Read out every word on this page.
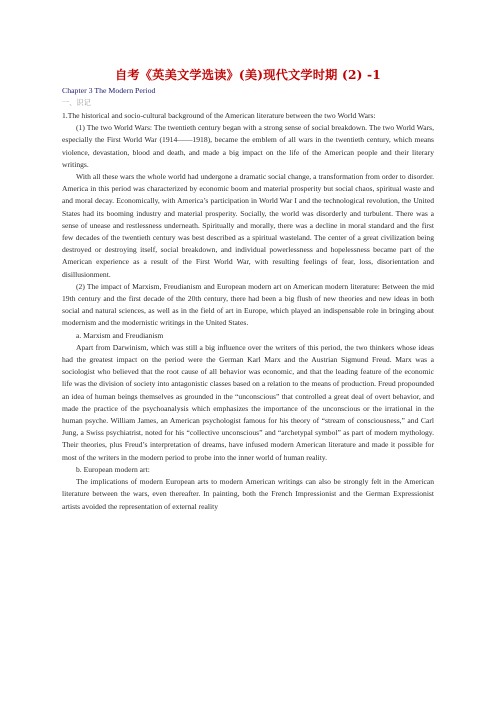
自考《英美文学选读》(美)现代文学时期 (2) -1
Chapter 3 The Modern Period
一、识记

1.The historical and socio-cultural background of the American literature between the two World Wars:

(1) The two World Wars: The twentieth century began with a strong sense of social breakdown. The two World Wars, especially the First World War (1914——1918), became the emblem of all wars in the twentieth century, which means violence, devastation, blood and death, and made a big impact on the life of the American people and their literary writings.

With all these wars the whole world had undergone a dramatic social change, a transformation from order to disorder. America in this period was characterized by economic boom and material prosperity but social chaos, spiritual waste and and moral decay. Economically, with America’s participation in World War I and the technological revolution, the United States had its booming industry and material prosperity. Socially, the world was disorderly and turbulent. There was a sense of unease and restlessness underneath. Spiritually and morally, there was a decline in moral standard and the first few decades of the twentieth century was best described as a spiritual wasteland. The center of a great civilization being destroyed or destroying itself, social breakdown, and individual powerlessness and hopelessness became part of the American experience as a result of the First World War, with resulting feelings of fear, loss, disorientation and disillusionment.

(2) The impact of Marxism, Freudianism and European modern art on American modern literature: Between the mid 19th century and the first decade of the 20th century, there had been a big flush of new theories and new ideas in both social and natural sciences, as well as in the field of art in Europe, which played an indispensable role in bringing about modernism and the modernistic writings in the United States.

a. Marxism and Freudianism

Apart from Darwinism, which was still a big influence over the writers of this period, the two thinkers whose ideas had the greatest impact on the period were the German Karl Marx and the Austrian Sigmund Freud. Marx was a sociologist who believed that the root cause of all behavior was economic, and that the leading feature of the economic life was the division of society into antagonistic classes based on a relation to the means of production. Freud propounded an idea of human beings themselves as grounded in the “unconscious” that controlled a great deal of overt behavior, and made the practice of the psychoanalysis which emphasizes the importance of the unconscious or the irrational in the human psyche. William James, an American psychologist famous for his theory of “stream of consciousness,” and Carl Jung, a Swiss psychiatrist, noted for his “collective unconscious” and “archetypal symbol” as part of modern mythology. Their theories, plus Freud’s interpretation of dreams, have infused modern American literature and made it possible for most of the writers in the modern period to probe into the inner world of human reality.

b. European modern art:

The implications of modern European arts to modern American writings can also be strongly felt in the American literature between the wars, even thereafter. In painting, both the French Impressionist and the German Expressionist artists avoided the representation of external reality
